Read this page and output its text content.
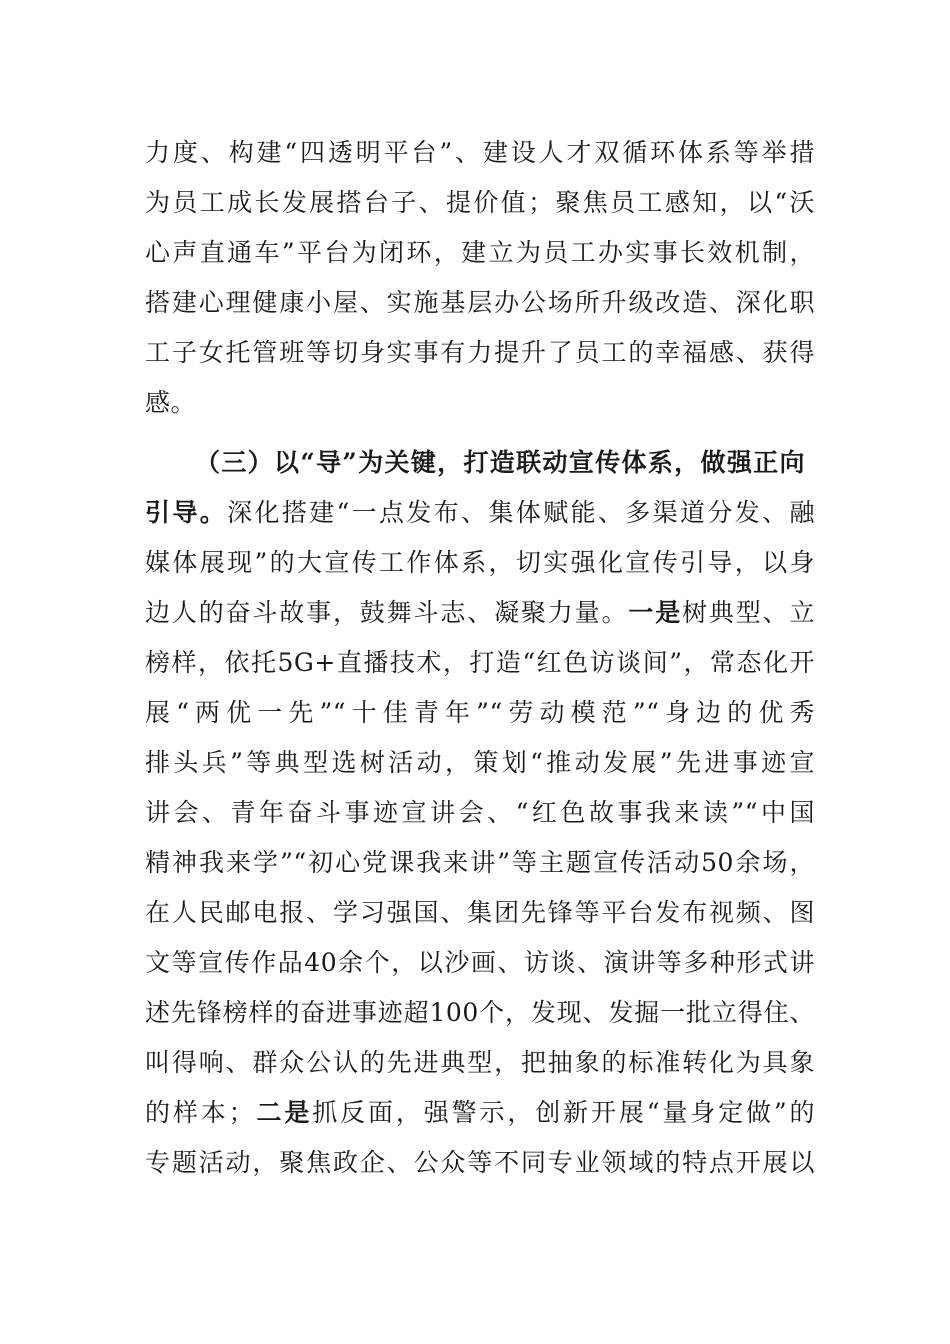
力度、构建“四透明平台”、建设人才双循环体系等举措
为员工成长发展搭台子、提价值；聚焦员工感知，以“沃
心声直通车”平台为闭环，建立为员工办实事长效机制，
搭建心理健康小屋、实施基层办公场所升级改造、深化职
工子女托管班等切身实事有力提升了员工的幸福感、获得
感。
（三）以“导”为关键，打造联动宣传体系，做强正向
引导。深化搭建“一点发布、集体赋能、多渠道分发、融
媒体展现”的大宣传工作体系，切实强化宣传引导，以身
边人的奋斗故事，鼓舞斗志、凝聚力量。一是树典型、立
榜样，依托5G+直播技术，打造“红色访谈间”，常态化开
展“两优一先”“十佳青年”“劳动模范”“身边的优秀
排头兵”等典型选树活动，策划“推动发展”先进事迹宣
讲会、青年奋斗事迹宣讲会、“红色故事我来读”“中国
精神我来学”“初心党课我来讲”等主题宣传活动50余场，
在人民邮电报、学习强国、集团先锋等平台发布视频、图
文等宣传作品40余个，以沙画、访谈、演讲等多种形式讲
述先锋榜样的奋进事迹超100个，发现、发掘一批立得住、
叫得响、群众公认的先进典型，把抽象的标准转化为具象
的样本；二是抓反面，强警示，创新开展“量身定做”的
专题活动，聚焦政企、公众等不同专业领域的特点开展以
